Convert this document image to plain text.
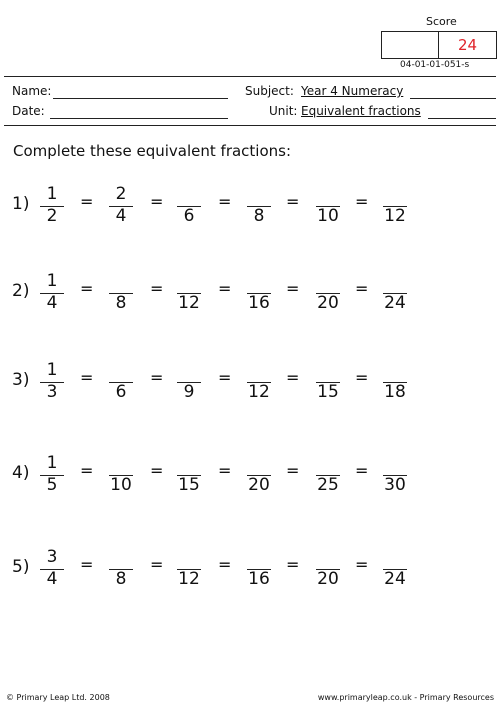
Score
24
04-01-01-051-s
Name:
Date:
Subject: Year 4 Numeracy
Unit: Equivalent fractions
Complete these equivalent fractions:
1)	1
2
=	2
4
=
6
=
8
=
10
=
12
2)	1
4
=
8
=
12
=
16
=
20
=
24
3)	1
3
=
6
=
9
=
12
=
15
=
18
4)	1
5
=
10
=
15
=
20
=
25
=
30
5)	3
4
=
8
=
12
=
16
=
20
=
24
© Primary Leap Ltd. 2008	www.primaryleap.co.uk - Primary Resources
